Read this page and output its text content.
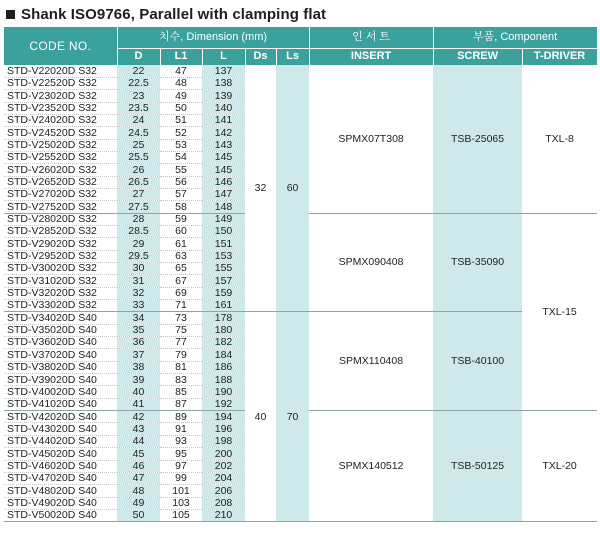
Shank ISO9766, Parallel with clamping flat
CODE NO.	치수, Dimension (mm)					인 서 트	부품, Component	
	D	L1	L	Ds	Ls	INSERT	SCREW	T-DRIVER
STD-V22020D S32	22	47	137	32	60	SPMX07T308	TSB-25065	TXL-8
STD-V22520D S32	22.5	48	138					
STD-V23020D S32	23	49	139					
STD-V23520D S32	23.5	50	140					
STD-V24020D S32	24	51	141					
STD-V24520D S32	24.5	52	142					
STD-V25020D S32	25	53	143					
STD-V25520D S32	25.5	54	145					
STD-V26020D S32	26	55	145					
STD-V26520D S32	26.5	56	146					
STD-V27020D S32	27	57	147					
STD-V27520D S32	27.5	58	148					
STD-V28020D S32	28	59	149			SPMX090408	TSB-35090	TXL-15
STD-V28520D S32	28.5	60	150					
STD-V29020D S32	29	61	151					
STD-V29520D S32	29.5	63	153					
STD-V30020D S32	30	65	155					
STD-V31020D S32	31	67	157					
STD-V32020D S32	32	69	159					
STD-V33020D S32	33	71	161					
STD-V34020D S40	34	73	178	40	70	SPMX110408	TSB-40100	
STD-V35020D S40	35	75	180					
STD-V36020D S40	36	77	182					
STD-V37020D S40	37	79	184					
STD-V38020D S40	38	81	186					
STD-V39020D S40	39	83	188					
STD-V40020D S40	40	85	190					
STD-V41020D S40	41	87	192					
STD-V42020D S40	42	89	194			SPMX140512	TSB-50125	TXL-20
STD-V43020D S40	43	91	196					
STD-V44020D S40	44	93	198					
STD-V45020D S40	45	95	200					
STD-V46020D S40	46	97	202					
STD-V47020D S40	47	99	204					
STD-V48020D S40	48	101	206					
STD-V49020D S40	49	103	208					
STD-V50020D S40	50	105	210					
